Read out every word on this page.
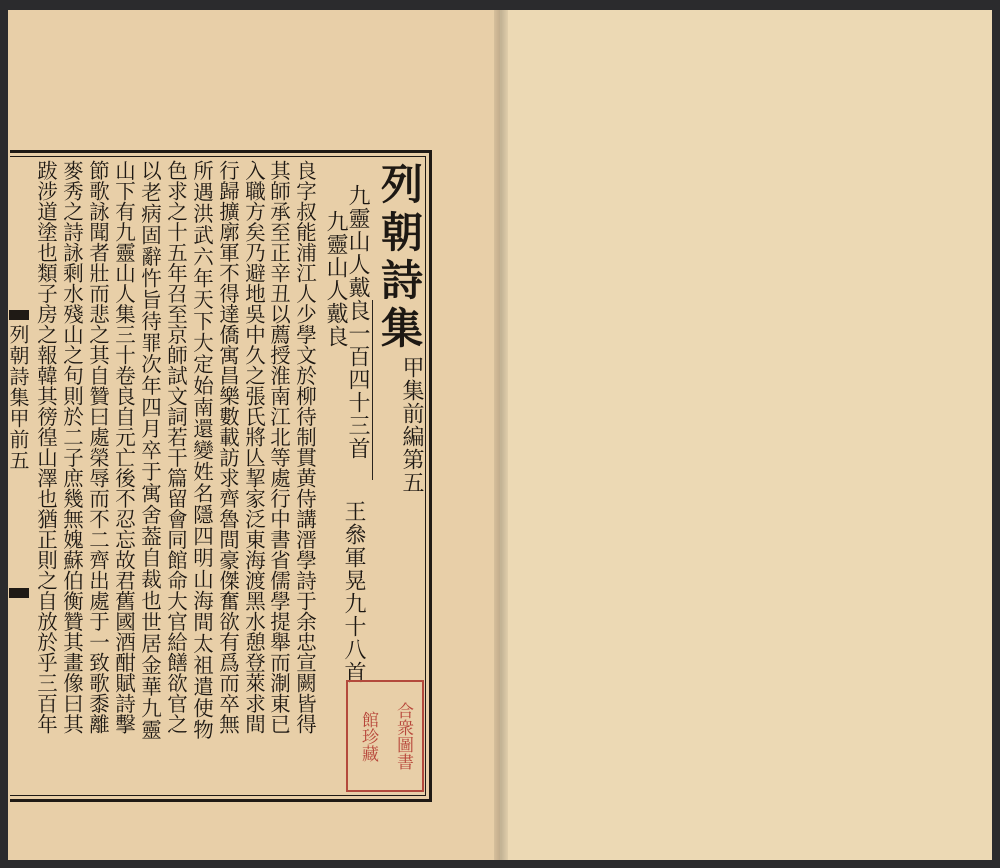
列朝詩集
甲集前編第五
九靈山人戴良一百四十三首
九靈山人戴良
王叅軍晃九十八首
良字叔能浦江人少學文於柳待制貫黄侍講溍學詩于余忠宣闕皆得
其師承至正辛丑以薦授淮南江北等處行中書省儒學提舉而淛東已
入職方矣乃避地吳中久之張氏將亾挈家泛東海渡黑水憩登萊求間
行歸擴廓軍不得達僑寓昌樂數載訪求齊魯間豪傑奮欲有爲而卒無
所遇洪武六年天下大定始南還變姓名隱四明山海間太祖遣使物
色求之十五年召至京師試文詞若干篇留會同館命大官給饍欲官之
以老病固辭忤旨待罪次年四月卒于寓舍葢自裁也世居金華九靈
山下有九靈山人集三十卷良自元亡後不忍忘故君舊國酒酣賦詩擊
節歌詠聞者壯而悲之其自贊曰處榮辱而不二齊出處于一致歌黍離
麥秀之詩詠剩水殘山之句則於二子庶幾無媿蘇伯衡贊其畫像曰其
跋涉道塗也類子房之報韓其徬徨山澤也猶正則之自放於乎三百年
列朝詩集甲前五
合衆圖書
館珍藏
